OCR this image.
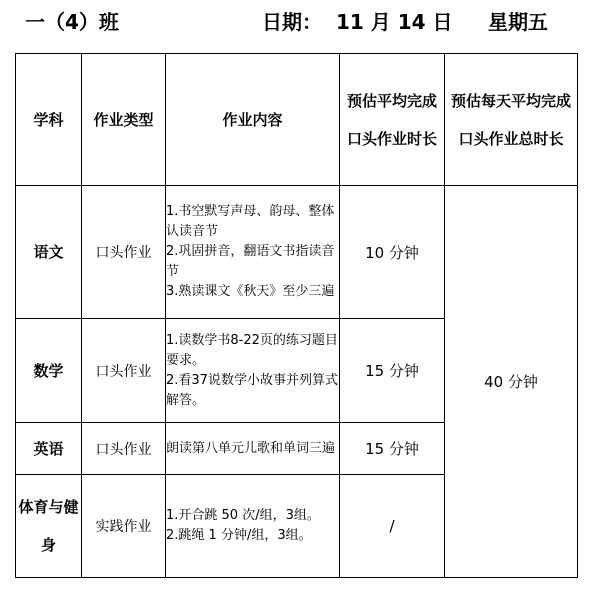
一（4）班	日期： 11 月 14 日 星期五
学科	作业类型	作业内容	预估平均完成口头作业时长	预估每天平均完成口头作业总时长
语文	口头作业	1.书空默写声母、韵母、整体认读音节
2.巩固拼音，翻语文书指读音节
3.熟读课文《秋天》至少三遍	10 分钟	40 分钟
数学	口头作业	1.读数学书8-22页的练习题目要求。
2.看37说数学小故事并列算式解答。	15 分钟	
英语	口头作业	朗读第八单元儿歌和单词三遍	15 分钟	
体育与健身	实践作业	1.开合跳 50 次/组，3组。
2.跳绳 1 分钟/组，3组。	/	
